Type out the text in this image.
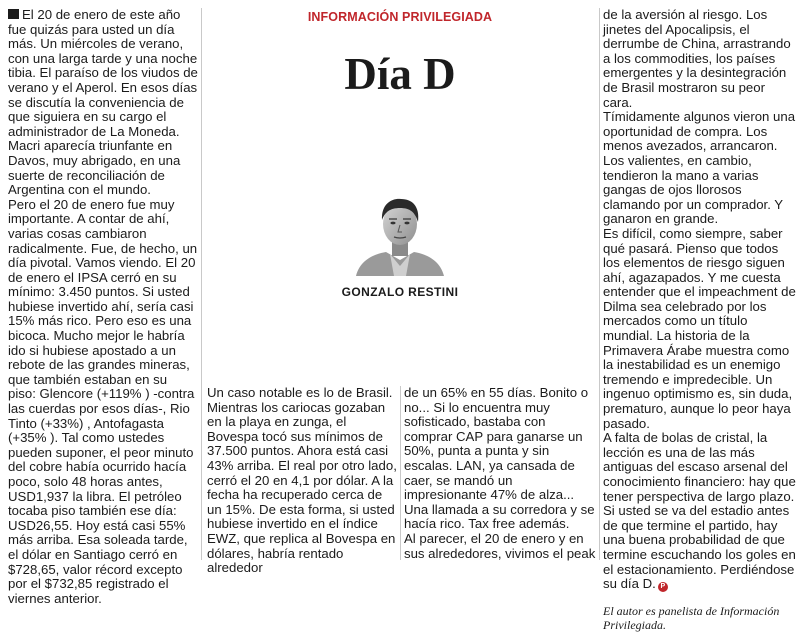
El 20 de enero de este año fue quizás para usted un día más. Un miércoles de verano, con una larga tarde y una noche tibia. El paraíso de los viudos de verano y el Aperol. En esos días se discutía la conveniencia de que siguiera en su cargo el administrador de La Moneda. Macri aparecía triunfante en Davos, muy abrigado, en una suerte de reconciliación de Argentina con el mundo.

Pero el 20 de enero fue muy importante. A contar de ahí, varias cosas cambiaron radicalmente. Fue, de hecho, un día pivotal. Vamos viendo. El 20 de enero el IPSA cerró en su mínimo: 3.450 puntos. Si usted hubiese invertido ahí, sería casi 15% más rico. Pero eso es una bicoca. Mucho mejor le habría ido si hubiese apostado a un rebote de las grandes mineras, que también estaban en su piso: Glencore (+119% ) -contra las cuerdas por esos días-, Rio Tinto (+33%) , Antofagasta (+35% ). Tal como ustedes pueden suponer, el peor minuto del cobre había ocurrido hacía poco, solo 48 horas antes, USD1,937 la libra. El petróleo tocaba piso también ese día: USD26,55. Hoy está casi 55% más arriba. Esa soleada tarde, el dólar en Santiago cerró en $728,65, valor récord excepto por el $732,85 registrado el viernes anterior.

INFORMACIÓN PRIVILEGIADA
Día D
GONZALO RESTINI

Un caso notable es lo de Brasil. Mientras los cariocas gozaban en la playa en zunga, el Bovespa tocó sus mínimos de 37.500 puntos. Ahora está casi 43% arriba. El real por otro lado, cerró el 20 en 4,1 por dólar. A la fecha ha recuperado cerca de un 15%. De esta forma, si usted hubiese invertido en el índice EWZ, que replica al Bovespa en dólares, habría rentado alrededor

de un 65% en 55 días. Bonito o no... Si lo encuentra muy sofisticado, bastaba con comprar CAP para ganarse un 50%, punta a punta y sin escalas. LAN, ya cansada de caer, se mandó un impresionante 47% de alza... Una llamada a su corredora y se hacía rico. Tax free además.

Al parecer, el 20 de enero y en sus alrededores, vivimos el peak

de la aversión al riesgo. Los jinetes del Apocalipsis, el derrumbe de China, arrastrando a los commodities, los países emergentes y la desintegración de Brasil mostraron su peor cara.

Tímidamente algunos vieron una oportunidad de compra. Los menos avezados, arrancaron. Los valientes, en cambio, tendieron la mano a varias gangas de ojos llorosos clamando por un comprador. Y ganaron en grande.

Es difícil, como siempre, saber qué pasará. Pienso que todos los elementos de riesgo siguen ahí, agazapados. Y me cuesta entender que el impeachment de Dilma sea celebrado por los mercados como un título mundial. La historia de la Primavera Árabe muestra como la inestabilidad es un enemigo tremendo e impredecible. Un ingenuo optimismo es, sin duda, prematuro, aunque lo peor haya pasado.

A falta de bolas de cristal, la lección es una de las más antiguas del escaso arsenal del conocimiento financiero: hay que tener perspectiva de largo plazo. Si usted se va del estadio antes de que termine el partido, hay una buena probabilidad de que termine escuchando los goles en el estacionamiento. Perdiéndose su día D. P

El autor es panelista de Información Privilegiada.
